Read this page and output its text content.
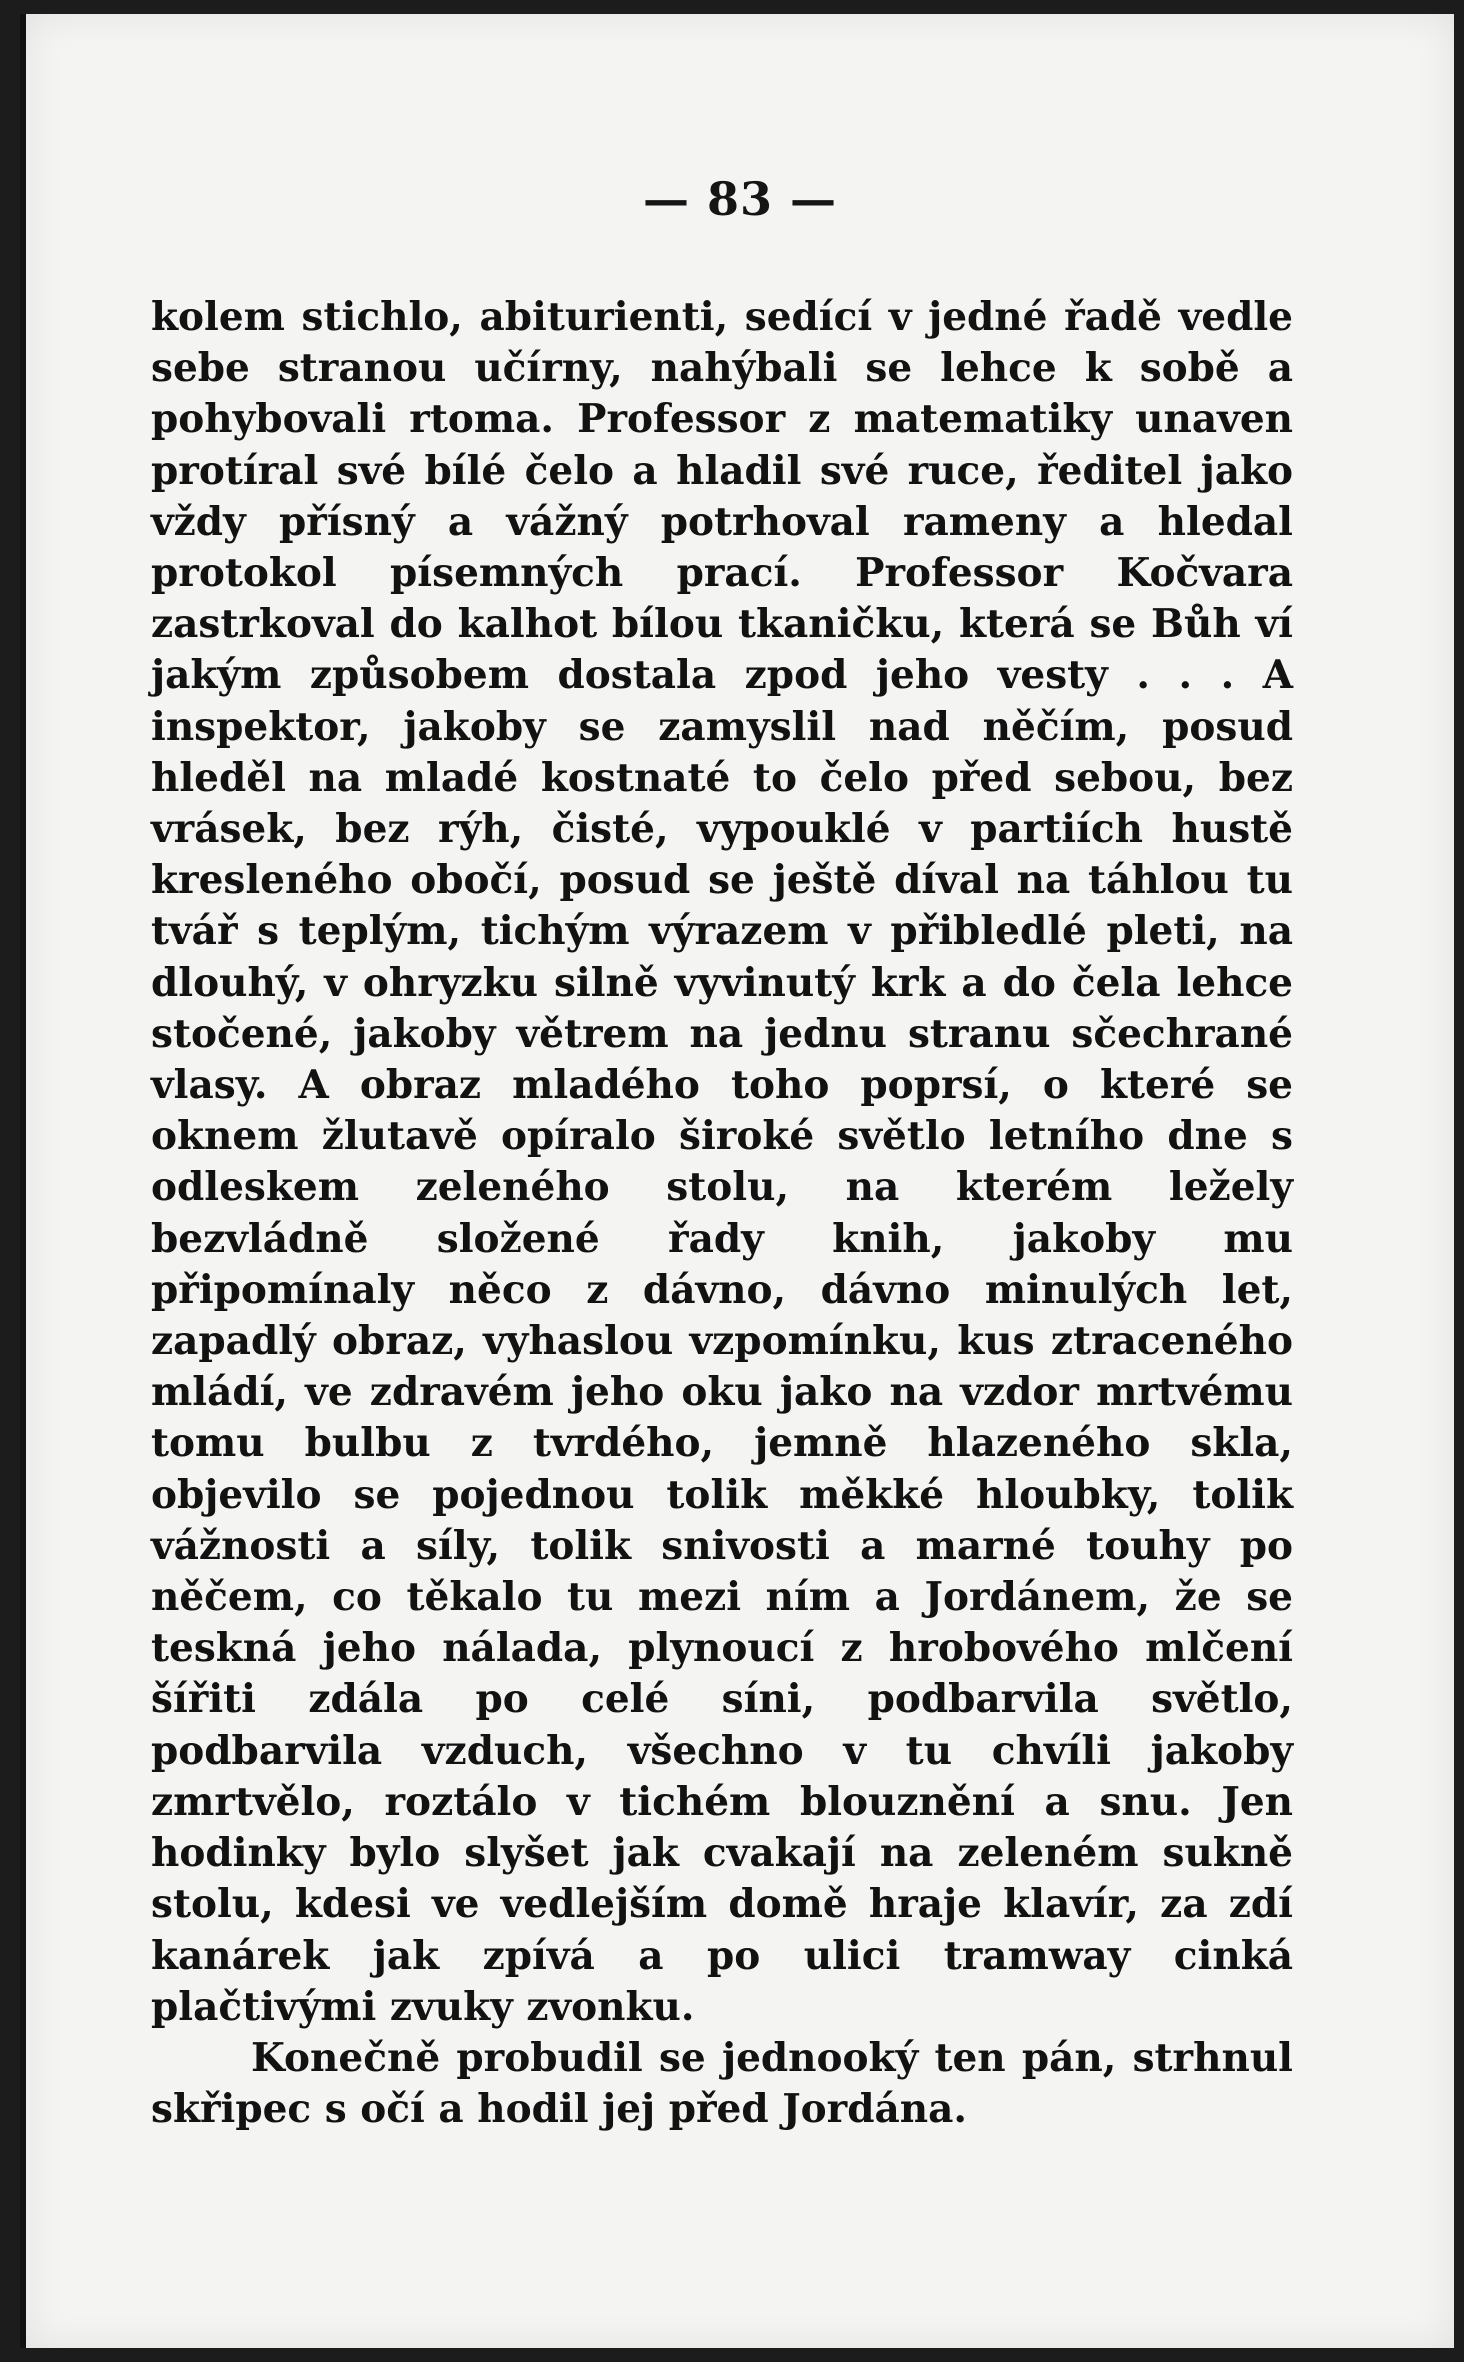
— 83 —

kolem stichlo, abiturienti, sedící v jedné řadě vedle sebe stranou učírny, nahýbali se lehce k sobě a pohybovali rtoma. Professor z matematiky unaven protíral své bílé čelo a hladil své ruce, ředitel jako vždy přísný a vážný potrhoval rameny a hledal protokol písemných prací. Professor Kočvara zastrkoval do kalhot bílou tkaničku, která se Bůh ví jakým způsobem dostala zpod jeho vesty . . . A inspektor, jakoby se zamyslil nad něčím, posud hleděl na mladé kostnaté to čelo před sebou, bez vrásek, bez rýh, čisté, vypouklé v partiích hustě kresleného obočí, posud se ještě díval na táhlou tu tvář s teplým, tichým výrazem v přibledlé pleti, na dlouhý, v ohryzku silně vyvinutý krk a do čela lehce stočené, jakoby větrem na jednu stranu sčechrané vlasy. A obraz mladého toho poprsí, o které se oknem žlutavě opíralo široké světlo letního dne s odleskem zeleného stolu, na kterém ležely bezvládně složené řady knih, jakoby mu připomínaly něco z dávno, dávno minulých let, zapadlý obraz, vyhaslou vzpomínku, kus ztraceného mládí, ve zdravém jeho oku jako na vzdor mrtvému tomu bulbu z tvrdého, jemně hlazeného skla, objevilo se pojednou tolik měkké hloubky, tolik vážnosti a síly, tolik snivosti a marné touhy po něčem, co těkalo tu mezi ním a Jordánem, že se teskná jeho nálada, plynoucí z hrobového mlčení šířiti zdála po celé síni, podbarvila světlo, podbarvila vzduch, všechno v tu chvíli jakoby zmrtvělo, roztálo v tichém blouznění a snu. Jen hodinky bylo slyšet jak cvakají na zeleném sukně stolu, kdesi ve vedlejším domě hraje klavír, za zdí kanárek jak zpívá a po ulici tramway cinká plačtivými zvuky zvonku.

Konečně probudil se jednooký ten pán, strhnul skřipec s očí a hodil jej před Jordána.
